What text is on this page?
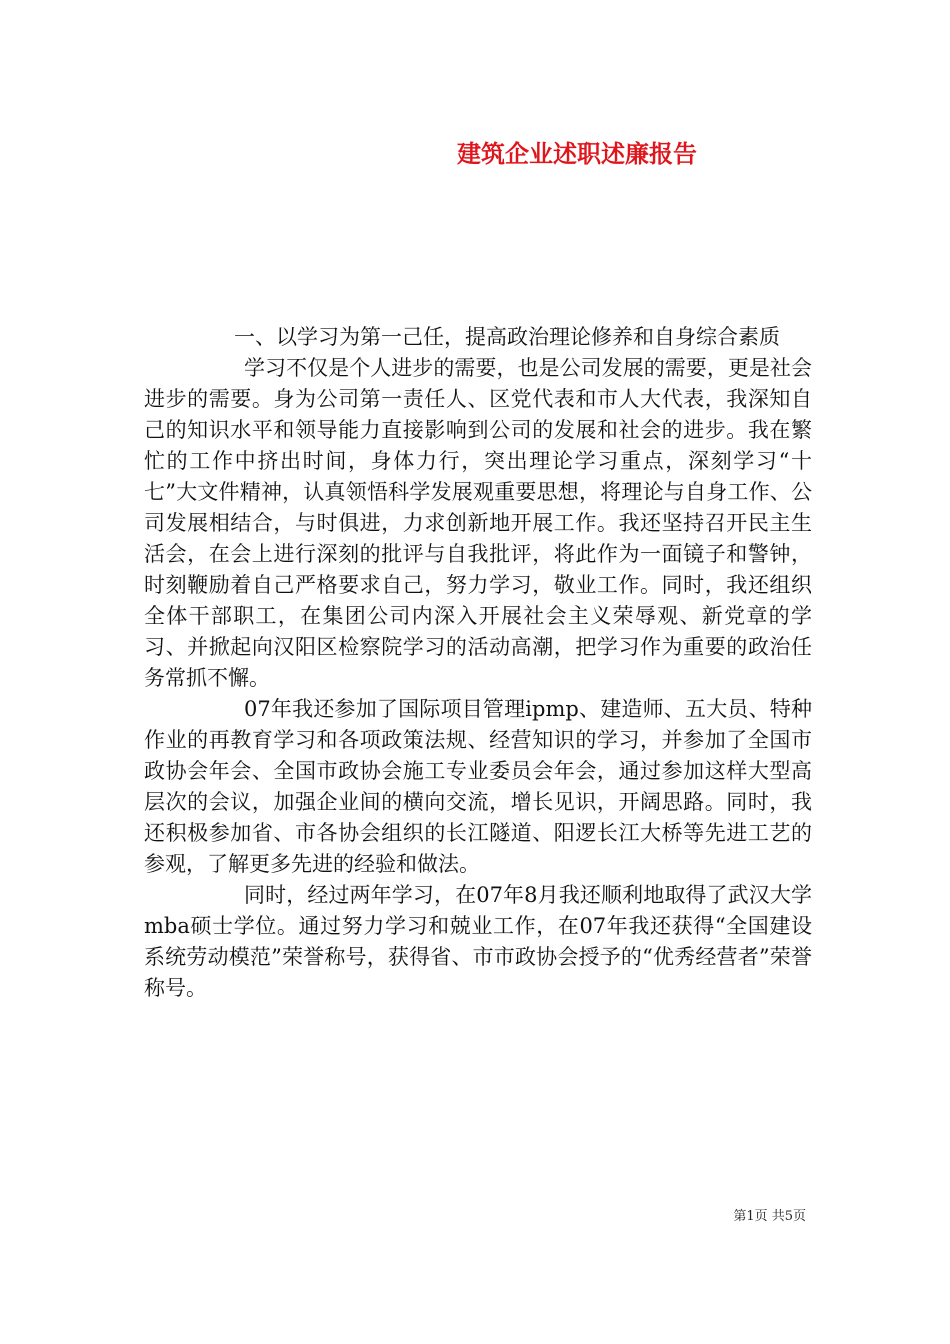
建筑企业述职述廉报告

一、以学习为第一己任，提高政治理论修养和自身综合素质

学习不仅是个人进步的需要，也是公司发展的需要，更是社会进步的需要。身为公司第一责任人、区党代表和市人大代表，我深知自己的知识水平和领导能力直接影响到公司的发展和社会的进步。我在繁忙的工作中挤出时间，身体力行，突出理论学习重点，深刻学习“十七”大文件精神，认真领悟科学发展观重要思想，将理论与自身工作、公司发展相结合，与时俱进，力求创新地开展工作。我还坚持召开民主生活会，在会上进行深刻的批评与自我批评，将此作为一面镜子和警钟，时刻鞭励着自己严格要求自己，努力学习，敬业工作。同时，我还组织全体干部职工，在集团公司内深入开展社会主义荣辱观、新党章的学习、并掀起向汉阳区检察院学习的活动高潮，把学习作为重要的政治任务常抓不懈。

07年我还参加了国际项目管理ipmp、建造师、五大员、特种作业的再教育学习和各项政策法规、经营知识的学习，并参加了全国市政协会年会、全国市政协会施工专业委员会年会，通过参加这样大型高层次的会议，加强企业间的横向交流，增长见识，开阔思路。同时，我还积极参加省、市各协会组织的长江隧道、阳逻长江大桥等先进工艺的参观，了解更多先进的经验和做法。

同时，经过两年学习，在07年8月我还顺利地取得了武汉大学mba硕士学位。通过努力学习和兢业工作，在07年我还获得“全国建设系统劳动模范”荣誉称号，获得省、市市政协会授予的“优秀经营者”荣誉称号。

第1页 共5页
